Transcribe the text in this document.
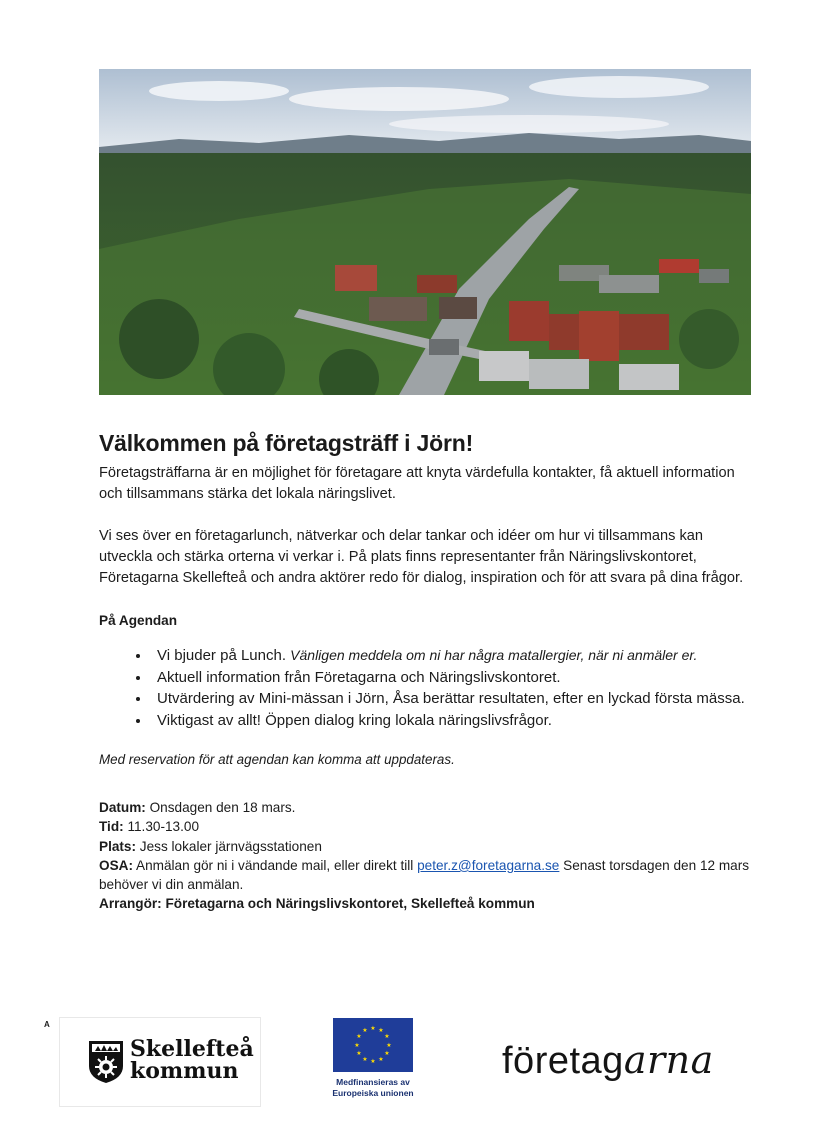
Välkommen på företagsträff i Jörn!

Företagsträffarna är en möjlighet för företagare att knyta värdefulla kontakter, få aktuell information och tillsammans stärka det lokala näringslivet.

Vi ses över en företagarlunch, nätverkar och delar tankar och idéer om hur vi tillsammans kan utveckla och stärka orterna vi verkar i. På plats finns representanter från Näringslivskontoret, Företagarna Skellefteå och andra aktörer redo för dialog, inspiration och för att svara på dina frågor.

På Agendan

• Vi bjuder på Lunch. Vänligen meddela om ni har några matallergier, när ni anmäler er.
• Aktuell information från Företagarna och Näringslivskontoret.
• Utvärdering av Mini-mässan i Jörn, Åsa berättar resultaten, efter en lyckad första mässa.
• Viktigast av allt! Öppen dialog kring lokala näringslivsfrågor.

Med reservation för att agendan kan komma att uppdateras.

Datum: Onsdagen den 18 mars.
Tid: 11.30-13.00
Plats: Jess lokaler järnvägsstationen
OSA: Anmälan gör ni i vändande mail, eller direkt till peter.z@foretagarna.se Senast torsdagen den 12 mars behöver vi din anmälan.
Arrangör: Företagarna och Näringslivskontoret, Skellefteå kommun
A
Skellefteå
kommun
★ ★
★
★
★
★
★
★
★
★
★
★
Medfinansieras av
Europeiska unionen
företagarna
